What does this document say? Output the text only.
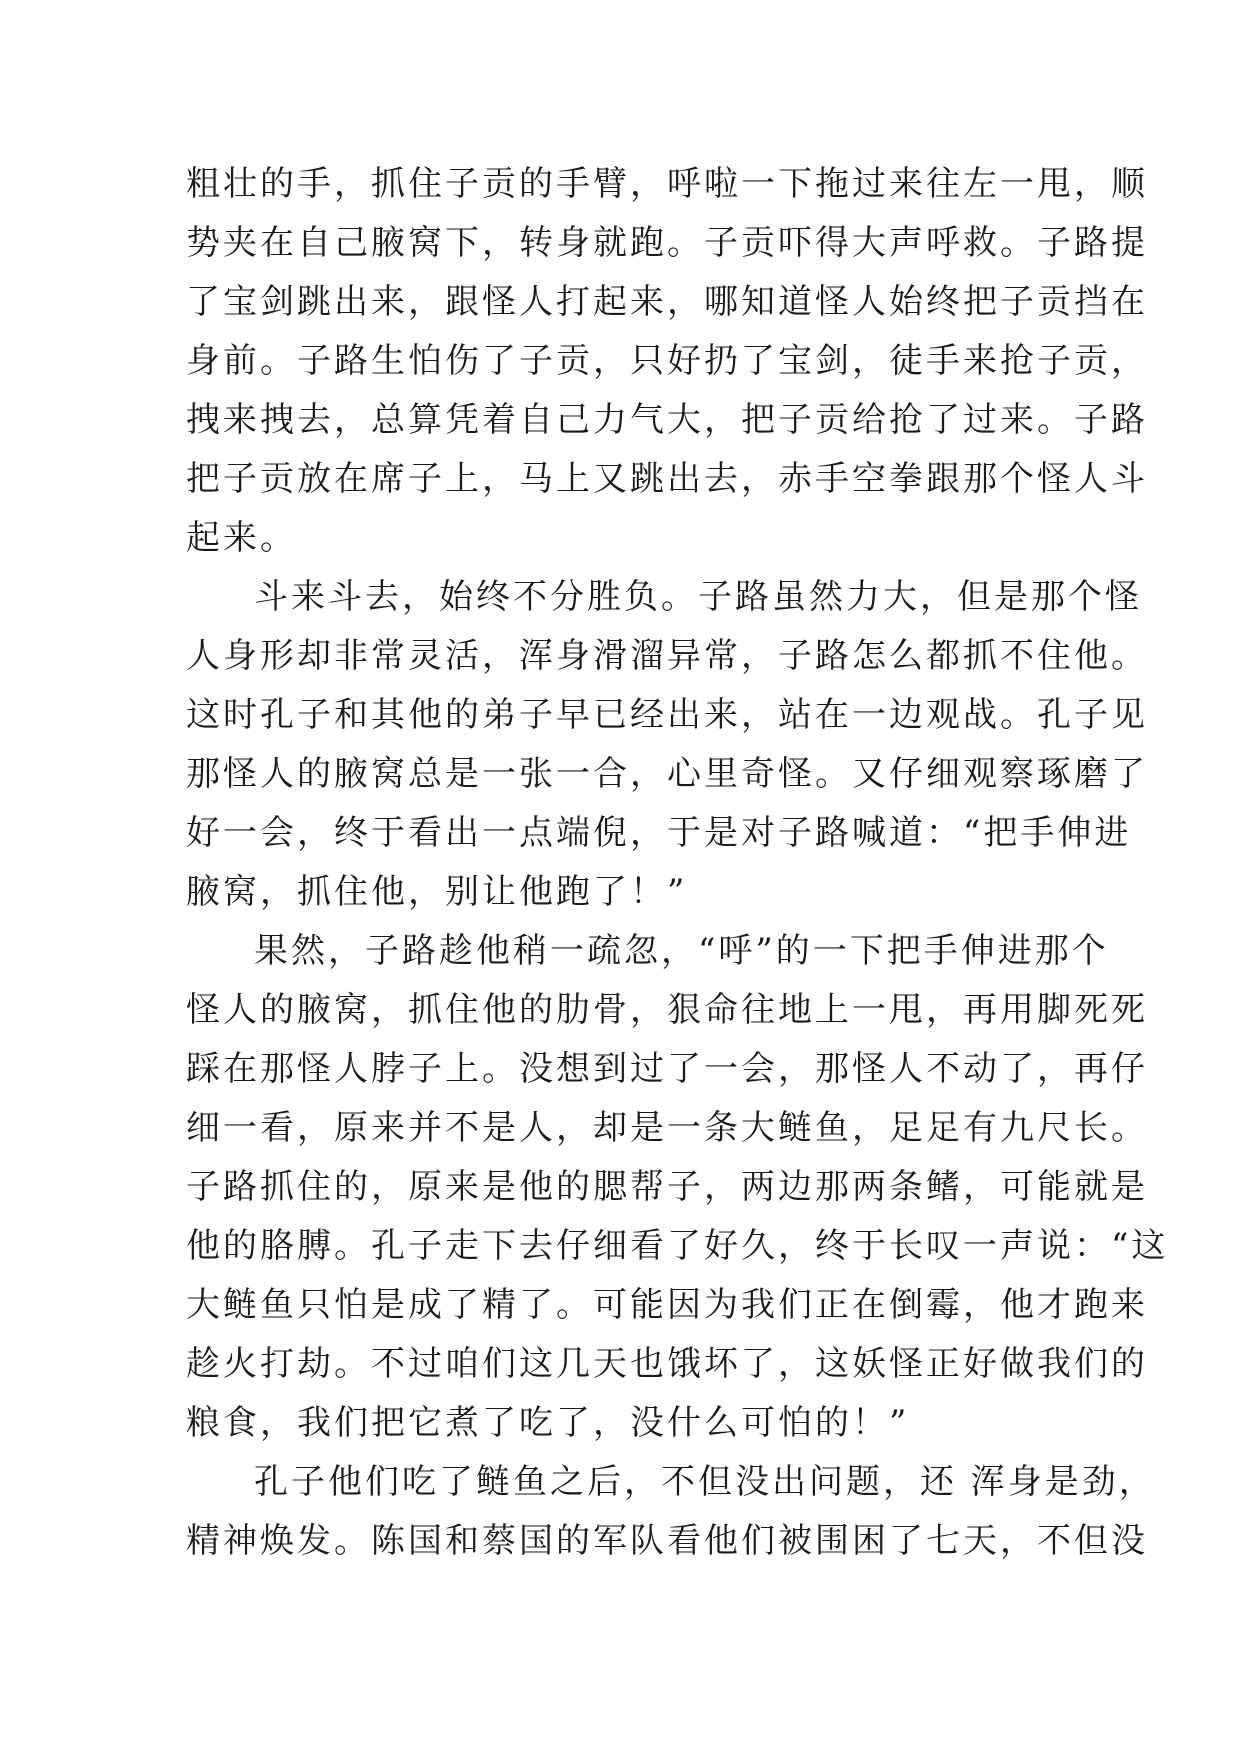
粗壮的手，抓住子贡的手臂，呼啦一下拖过来往左一甩，顺
势夹在自己腋窝下，转身就跑。子贡吓得大声呼救。子路提
了宝剑跳出来，跟怪人打起来，哪知道怪人始终把子贡挡在
身前。子路生怕伤了子贡，只好扔了宝剑，徒手来抢子贡，
拽来拽去，总算凭着自己力气大，把子贡给抢了过来。子路
把子贡放在席子上，马上又跳出去，赤手空拳跟那个怪人斗
起来。
斗来斗去，始终不分胜负。子路虽然力大，但是那个怪
人身形却非常灵活，浑身滑溜异常，子路怎么都抓不住他。
这时孔子和其他的弟子早已经出来，站在一边观战。孔子见
那怪人的腋窝总是一张一合，心里奇怪。又仔细观察琢磨了
好一会，终于看出一点端倪，于是对子路喊道：“把手伸进
腋窝，抓住他，别让他跑了！”
果然，子路趁他稍一疏忽，“呼”的一下把手伸进那个
怪人的腋窝，抓住他的肋骨，狠命往地上一甩，再用脚死死
踩在那怪人脖子上。没想到过了一会，那怪人不动了，再仔
细一看，原来并不是人，却是一条大鲢鱼，足足有九尺长。
子路抓住的，原来是他的腮帮子，两边那两条鳍，可能就是
他的胳膊。孔子走下去仔细看了好久，终于长叹一声说：“这
大鲢鱼只怕是成了精了。可能因为我们正在倒霉，他才跑来
趁火打劫。不过咱们这几天也饿坏了，这妖怪正好做我们的
粮食，我们把它煮了吃了，没什么可怕的！”
孔子他们吃了鲢鱼之后，不但没出问题，还 浑身是劲，
精神焕发。陈国和蔡国的军队看他们被围困了七天，不但没
